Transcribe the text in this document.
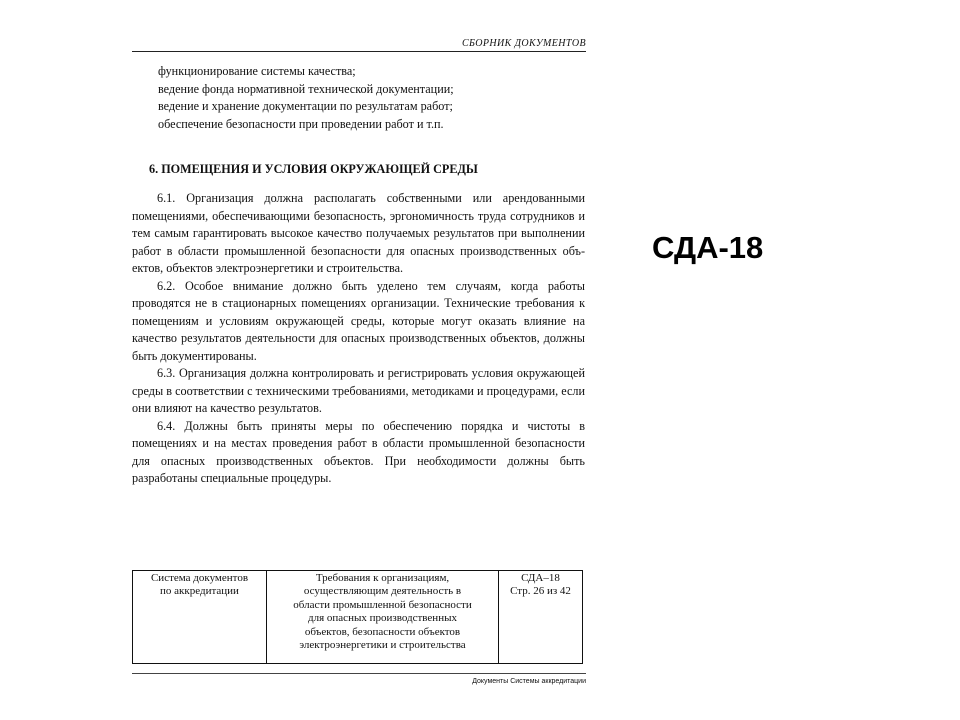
СБОРНИК ДОКУМЕНТОВ
функционирование системы качества;
ведение фонда нормативной технической документации;
ведение и хранение документации по результатам работ;
обеспечение безопасности при проведении работ и т.п.
6. ПОМЕЩЕНИЯ И УСЛОВИЯ ОКРУЖАЮЩЕЙ СРЕДЫ
6.1. Организация должна располагать собственными или арендованными помещениями, обеспечивающими безопасность, эргономичность труда сотрудников и тем самым гарантировать высокое качество получаемых результатов при выполнении работ в области промышленной безопасности для опасных производственных объектов, объектов электроэнергетики и строительства.
6.2. Особое внимание должно быть уделено тем случаям, когда работы проводятся не в стационарных помещениях организации. Технические требования к помещениям и условиям окружающей среды, которые могут оказать влияние на качество результатов деятельности для опасных производственных объектов, должны быть документированы.
6.3. Организация должна контролировать и регистрировать условия окружающей среды в соответствии с техническими требованиями, методиками и процедурами, если они влияют на качество результатов.
6.4. Должны быть приняты меры по обеспечению порядка и чистоты в помещениях и на местах проведения работ в области промышленной безопасности для опасных производственных объектов. При необходимости должны быть разработаны специальные процедуры.
Система документов
по аккредитации
Требования к организациям,
осуществляющим деятельность в
области промышленной безопасности
для опасных производственных
объектов, безопасности объектов
электроэнергетики и строительства
СДА–18
Стр. 26 из 42
Документы Системы аккредитации
СДА-18
